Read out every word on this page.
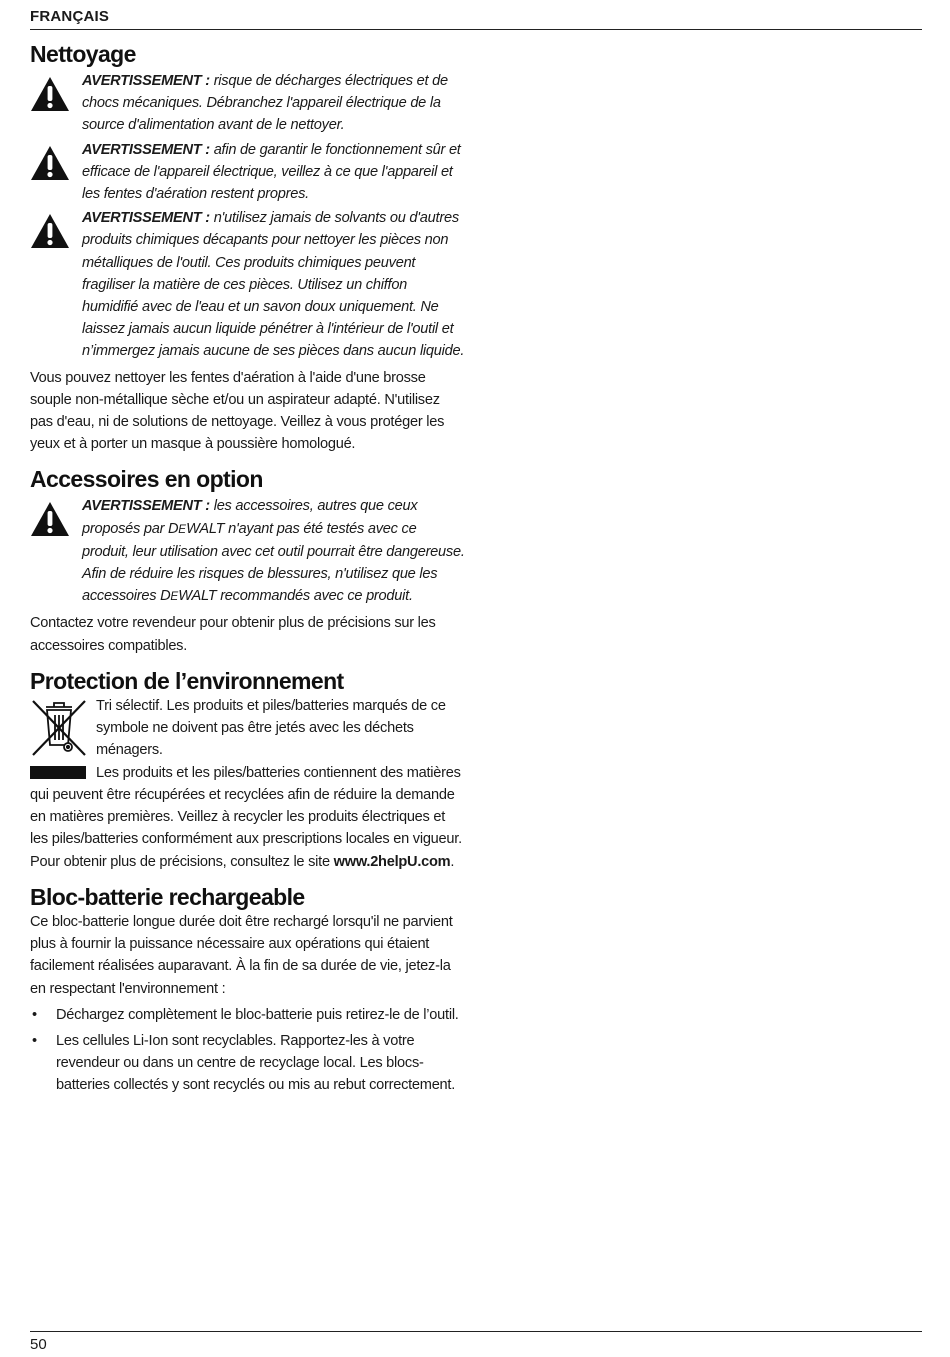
FRANÇAIS
Nettoyage

AVERTISSEMENT : risque de décharges électriques et de chocs mécaniques. Débranchez l'appareil électrique de la source d'alimentation avant de le nettoyer.

AVERTISSEMENT : afin de garantir le fonctionnement sûr et efficace de l'appareil électrique, veillez à ce que l'appareil et les fentes d'aération restent propres.

AVERTISSEMENT : n'utilisez jamais de solvants ou d'autres produits chimiques décapants pour nettoyer les pièces non métalliques de l'outil. Ces produits chimiques peuvent fragiliser la matière de ces pièces. Utilisez un chiffon humidifié avec de l'eau et un savon doux uniquement. Ne laissez jamais aucun liquide pénétrer à l'intérieur de l'outil et n’immergez jamais aucune de ses pièces dans aucun liquide.

Vous pouvez nettoyer les fentes d'aération à l'aide d'une brosse souple non-métallique sèche et/ou un aspirateur adapté. N'utilisez pas d'eau, ni de solutions de nettoyage. Veillez à vous protéger les yeux et à porter un masque à poussière homologué.

Accessoires en option

AVERTISSEMENT : les accessoires, autres que ceux proposés par DEWALT n'ayant pas été testés avec ce produit, leur utilisation avec cet outil pourrait être dangereuse. Afin de réduire les risques de blessures, n'utilisez que les accessoires DEWALT recommandés avec ce produit.

Contactez votre revendeur pour obtenir plus de précisions sur les accessoires compatibles.

Protection de l’environnement

Tri sélectif. Les produits et piles/batteries marqués de ce symbole ne doivent pas être jetés avec les déchets ménagers.

Les produits et les piles/batteries contiennent des matières qui peuvent être récupérées et recyclées afin de réduire la demande en matières premières. Veillez à recycler les produits électriques et les piles/batteries conformément aux prescriptions locales en vigueur. Pour obtenir plus de précisions, consultez le site www.2helpU.com.

Bloc-batterie rechargeable

Ce bloc-batterie longue durée doit être rechargé lorsqu'il ne parvient plus à fournir la puissance nécessaire aux opérations qui étaient facilement réalisées auparavant. À la fin de sa durée de vie, jetez-la en respectant l'environnement :

• Déchargez complètement le bloc-batterie puis retirez-le de l’outil.
• Les cellules Li-Ion sont recyclables. Rapportez-les à votre revendeur ou dans un centre de recyclage local. Les blocs-batteries collectés y sont recyclés ou mis au rebut correctement.
50
